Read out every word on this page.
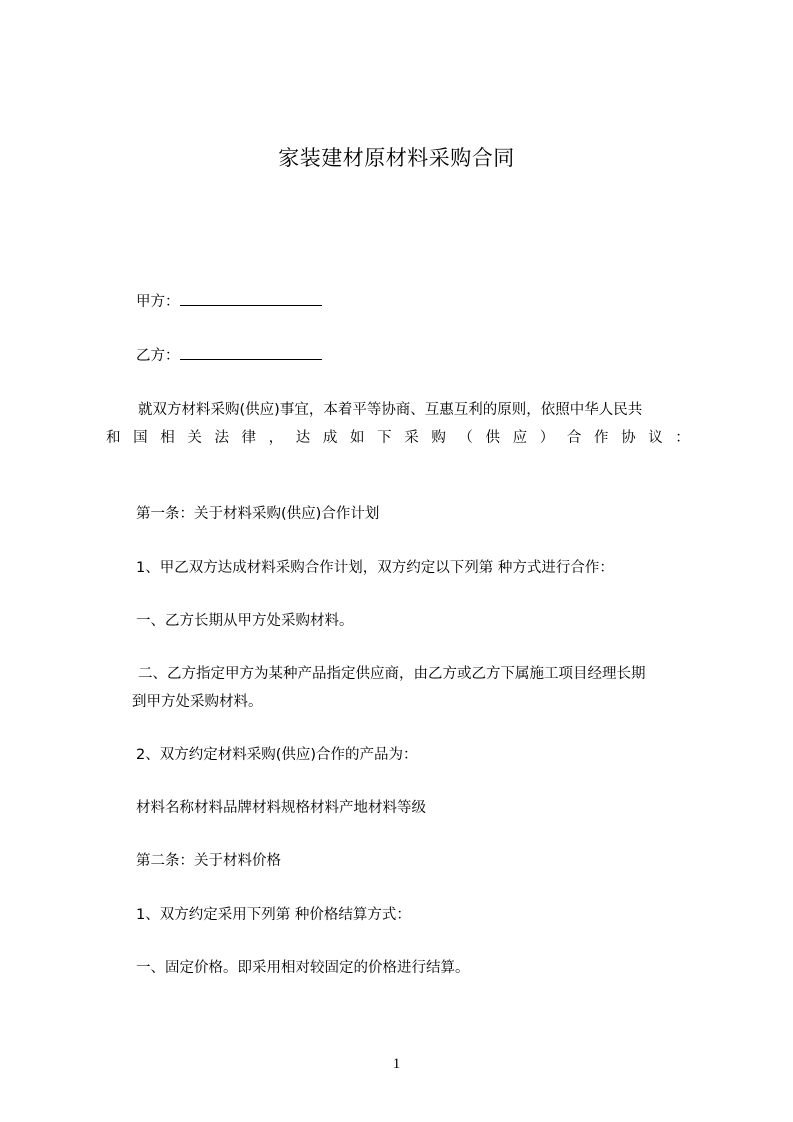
家装建材原材料采购合同
甲方：
乙方：
就双方材料采购(供应)事宜，本着平等协商、互惠互利的原则，依照中华人民共
和 国 相 关 法 律 ， 达 成 如 下 采 购 （ 供 应 ） 合 作 协 议 ：
第一条：关于材料采购(供应)合作计划
1、甲乙双方达成材料采购合作计划，双方约定以下列第 种方式进行合作：
一、乙方长期从甲方处采购材料。
二、乙方指定甲方为某种产品指定供应商，由乙方或乙方下属施工项目经理长期
到甲方处采购材料。
2、双方约定材料采购(供应)合作的产品为：
材料名称材料品牌材料规格材料产地材料等级
第二条：关于材料价格
1、双方约定采用下列第 种价格结算方式：
一、固定价格。即采用相对较固定的价格进行结算。
1
